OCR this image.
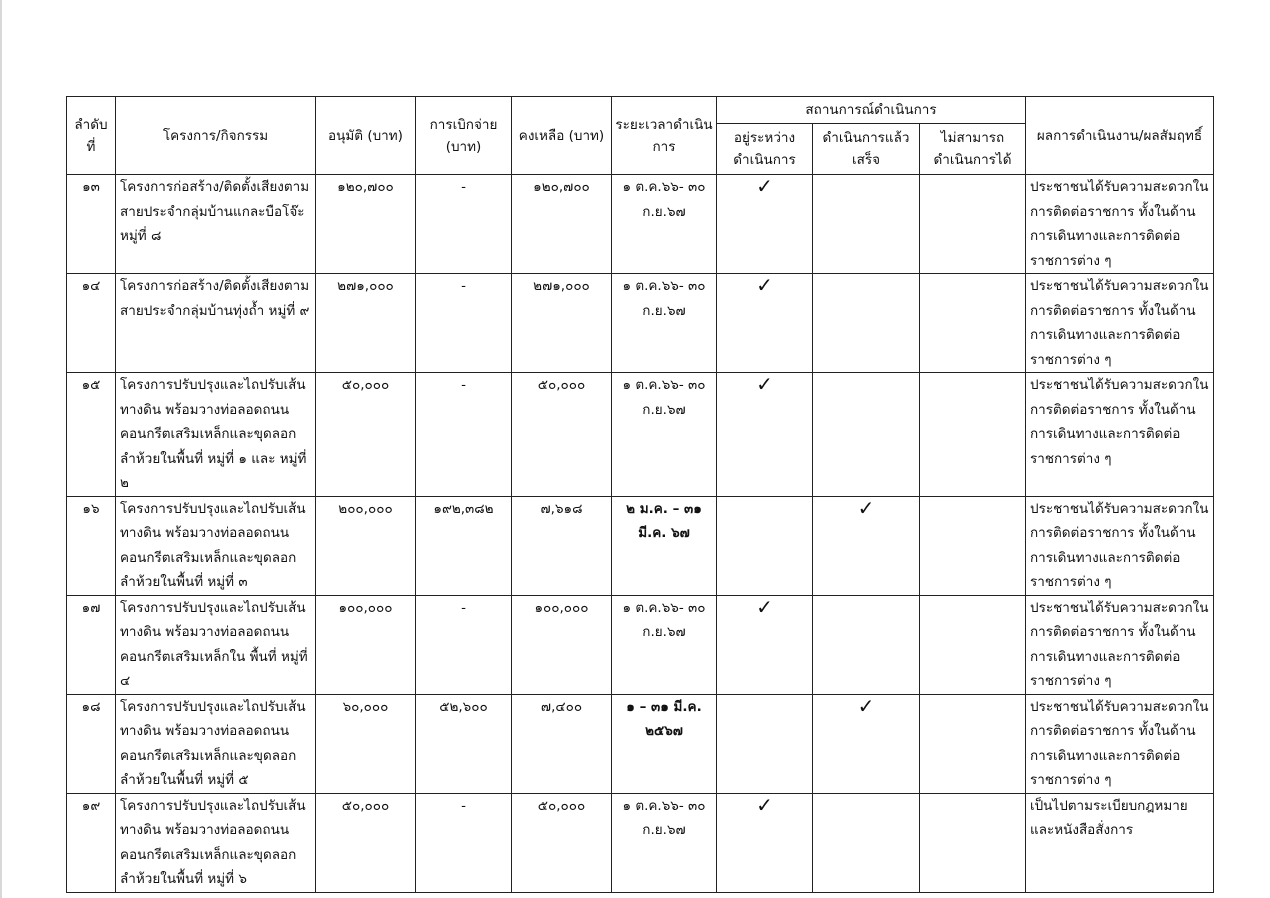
ลำดับที่	โครงการ/กิจกรรม	อนุมัติ (บาท)	การเบิกจ่าย (บาท)	คงเหลือ (บาท)	ระยะเวลาดำเนินการ	สถานการณ์ดำเนินการ			ผลการดำเนินงาน/ผลสัมฤทธิ์
						อยู่ระหว่างดำเนินการ	ดำเนินการแล้วเสร็จ	ไม่สามารถดำเนินการได้	
๑๓	โครงการก่อสร้าง/ติดตั้งเสียงตามสายประจำกลุ่มบ้านแกละบือโจ๊ะ หมู่ที่ ๘	๑๒๐,๗๐๐	-	๑๒๐,๗๐๐	๑ ต.ค.๖๖- ๓๐ ก.ย.๖๗	✓			ประชาชนได้รับความสะดวกในการติดต่อราชการ ทั้งในด้านการเดินทางและการติดต่อราชการต่าง ๆ
๑๔	โครงการก่อสร้าง/ติดตั้งเสียงตามสายประจำกลุ่มบ้านทุ่งถ้ำ หมู่ที่ ๙	๒๗๑,๐๐๐	-	๒๗๑,๐๐๐	๑ ต.ค.๖๖- ๓๐ ก.ย.๖๗	✓			ประชาชนได้รับความสะดวกในการติดต่อราชการ ทั้งในด้านการเดินทางและการติดต่อราชการต่าง ๆ
๑๕	โครงการปรับปรุงและไถปรับเส้นทางดิน พร้อมวางท่อลอดถนนคอนกรีตเสริมเหล็กและขุดลอกลำห้วยในพื้นที่ หมู่ที่ ๑ และ หมู่ที่ ๒	๕๐,๐๐๐	-	๕๐,๐๐๐	๑ ต.ค.๖๖- ๓๐ ก.ย.๖๗	✓			ประชาชนได้รับความสะดวกในการติดต่อราชการ ทั้งในด้านการเดินทางและการติดต่อราชการต่าง ๆ
๑๖	โครงการปรับปรุงและไถปรับเส้นทางดิน พร้อมวางท่อลอดถนนคอนกรีตเสริมเหล็กและขุดลอกลำห้วยในพื้นที่ หมู่ที่ ๓	๒๐๐,๐๐๐	๑๙๒,๓๘๒	๗,๖๑๘	๒ ม.ค. – ๓๑ มี.ค. ๖๗		✓		ประชาชนได้รับความสะดวกในการติดต่อราชการ ทั้งในด้านการเดินทางและการติดต่อราชการต่าง ๆ
๑๗	โครงการปรับปรุงและไถปรับเส้นทางดิน พร้อมวางท่อลอดถนนคอนกรีตเสริมเหล็กใน พื้นที่ หมู่ที่ ๔	๑๐๐,๐๐๐	-	๑๐๐,๐๐๐	๑ ต.ค.๖๖- ๓๐ ก.ย.๖๗	✓			ประชาชนได้รับความสะดวกในการติดต่อราชการ ทั้งในด้านการเดินทางและการติดต่อราชการต่าง ๆ
๑๘	โครงการปรับปรุงและไถปรับเส้นทางดิน พร้อมวางท่อลอดถนนคอนกรีตเสริมเหล็กและขุดลอกลำห้วยในพื้นที่ หมู่ที่ ๕	๖๐,๐๐๐	๕๒,๖๐๐	๗,๔๐๐	๑ – ๓๑ มี.ค. ๒๕๖๗		✓		ประชาชนได้รับความสะดวกในการติดต่อราชการ ทั้งในด้านการเดินทางและการติดต่อราชการต่าง ๆ
๑๙	โครงการปรับปรุงและไถปรับเส้นทางดิน พร้อมวางท่อลอดถนนคอนกรีตเสริมเหล็กและขุดลอกลำห้วยในพื้นที่ หมู่ที่ ๖	๕๐,๐๐๐	-	๕๐,๐๐๐	๑ ต.ค.๖๖- ๓๐ ก.ย.๖๗	✓			เป็นไปตามระเบียบกฎหมายและหนังสือสั่งการ
